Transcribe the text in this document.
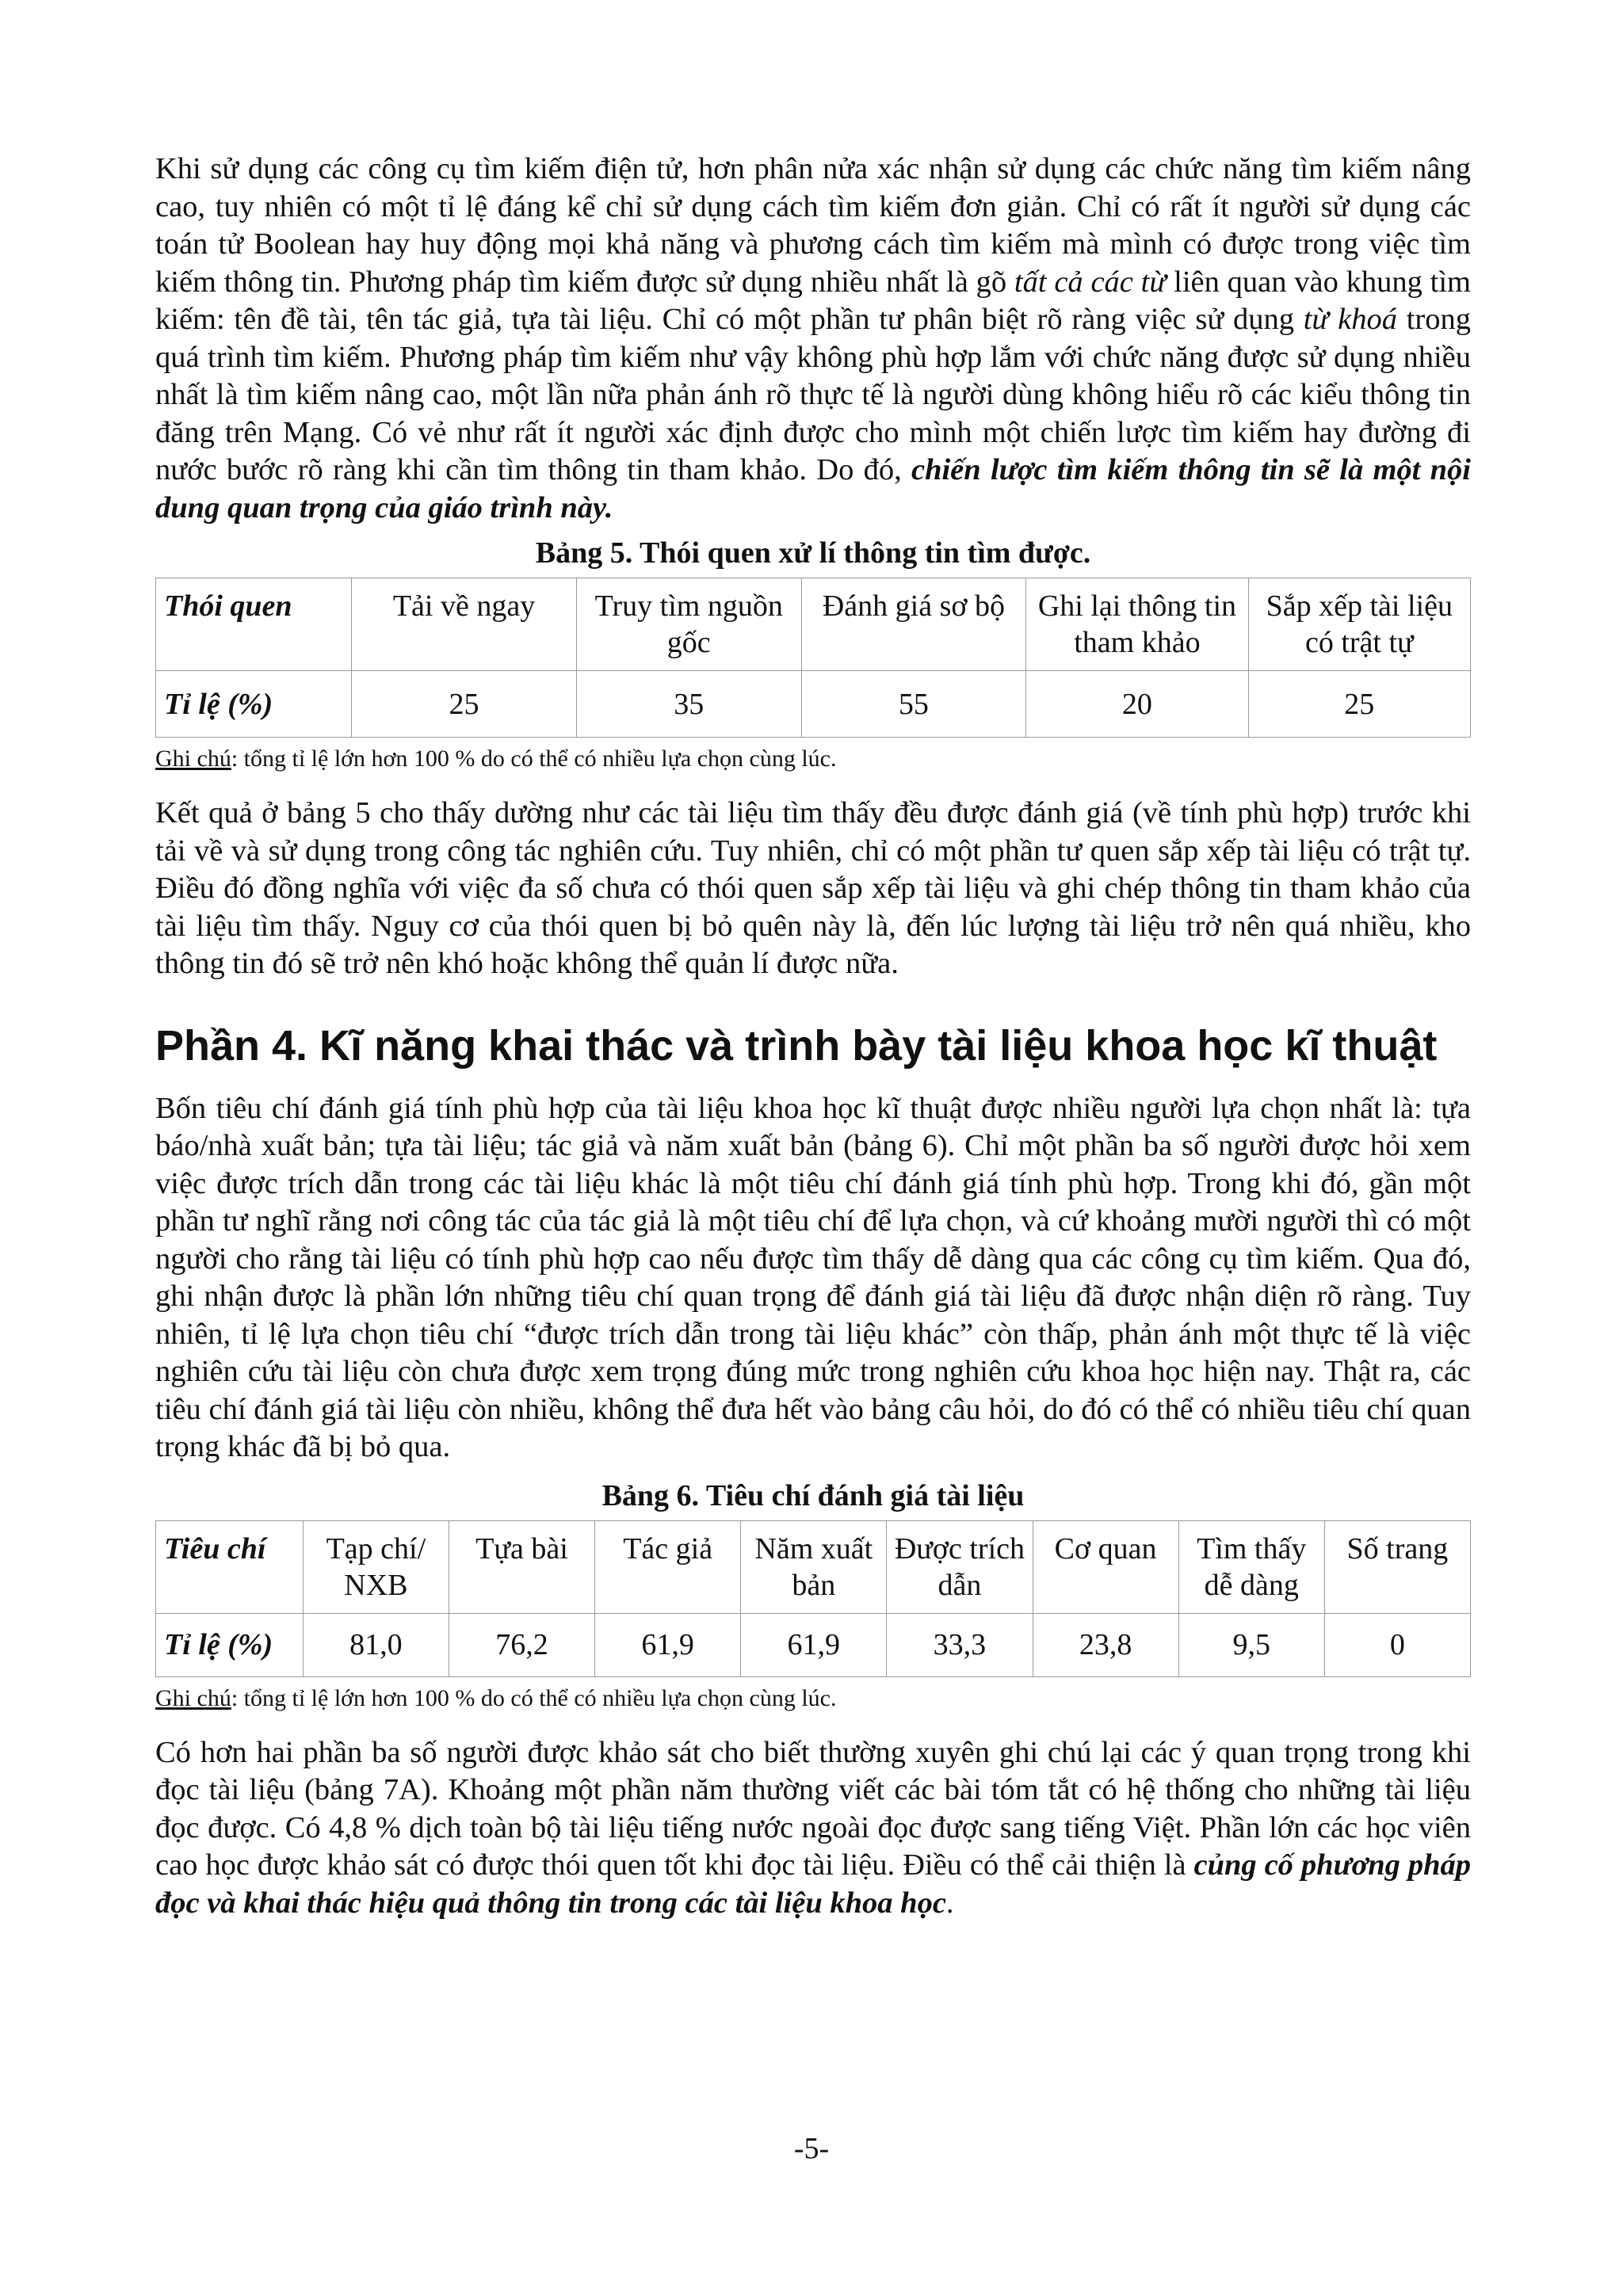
Khi sử dụng các công cụ tìm kiếm điện tử, hơn phân nửa xác nhận sử dụng các chức năng tìm kiếm nâng cao, tuy nhiên có một tỉ lệ đáng kể chỉ sử dụng cách tìm kiếm đơn giản. Chỉ có rất ít người sử dụng các toán tử Boolean hay huy động mọi khả năng và phương cách tìm kiếm mà mình có được trong việc tìm kiếm thông tin. Phương pháp tìm kiếm được sử dụng nhiều nhất là gõ tất cả các từ liên quan vào khung tìm kiếm: tên đề tài, tên tác giả, tựa tài liệu. Chỉ có một phần tư phân biệt rõ ràng việc sử dụng từ khoá trong quá trình tìm kiếm. Phương pháp tìm kiếm như vậy không phù hợp lắm với chức năng được sử dụng nhiều nhất là tìm kiếm nâng cao, một lần nữa phản ánh rõ thực tế là người dùng không hiểu rõ các kiểu thông tin đăng trên Mạng. Có vẻ như rất ít người xác định được cho mình một chiến lược tìm kiếm hay đường đi nước bước rõ ràng khi cần tìm thông tin tham khảo. Do đó, chiến lược tìm kiếm thông tin sẽ là một nội dung quan trọng của giáo trình này.

Bảng 5. Thói quen xử lí thông tin tìm được.
Thói quen	Tải về ngay	Truy tìm nguồn gốc	Đánh giá sơ bộ	Ghi lại thông tin tham khảo	Sắp xếp tài liệu có trật tự
Tỉ lệ (%)	25	35	55	20	25
Ghi chú: tổng tỉ lệ lớn hơn 100 % do có thể có nhiều lựa chọn cùng lúc.

Kết quả ở bảng 5 cho thấy dường như các tài liệu tìm thấy đều được đánh giá (về tính phù hợp) trước khi tải về và sử dụng trong công tác nghiên cứu. Tuy nhiên, chỉ có một phần tư quen sắp xếp tài liệu có trật tự. Điều đó đồng nghĩa với việc đa số chưa có thói quen sắp xếp tài liệu và ghi chép thông tin tham khảo của tài liệu tìm thấy. Nguy cơ của thói quen bị bỏ quên này là, đến lúc lượng tài liệu trở nên quá nhiều, kho thông tin đó sẽ trở nên khó hoặc không thể quản lí được nữa.

Phần 4. Kĩ năng khai thác và trình bày tài liệu khoa học kĩ thuật

Bốn tiêu chí đánh giá tính phù hợp của tài liệu khoa học kĩ thuật được nhiều người lựa chọn nhất là: tựa báo/nhà xuất bản; tựa tài liệu; tác giả và năm xuất bản (bảng 6). Chỉ một phần ba số người được hỏi xem việc được trích dẫn trong các tài liệu khác là một tiêu chí đánh giá tính phù hợp. Trong khi đó, gần một phần tư nghĩ rằng nơi công tác của tác giả là một tiêu chí để lựa chọn, và cứ khoảng mười người thì có một người cho rằng tài liệu có tính phù hợp cao nếu được tìm thấy dễ dàng qua các công cụ tìm kiếm. Qua đó, ghi nhận được là phần lớn những tiêu chí quan trọng để đánh giá tài liệu đã được nhận diện rõ ràng. Tuy nhiên, tỉ lệ lựa chọn tiêu chí “được trích dẫn trong tài liệu khác” còn thấp, phản ánh một thực tế là việc nghiên cứu tài liệu còn chưa được xem trọng đúng mức trong nghiên cứu khoa học hiện nay. Thật ra, các tiêu chí đánh giá tài liệu còn nhiều, không thể đưa hết vào bảng câu hỏi, do đó có thể có nhiều tiêu chí quan trọng khác đã bị bỏ qua.

Bảng 6. Tiêu chí đánh giá tài liệu
Tiêu chí	Tạp chí/ NXB	Tựa bài	Tác giả	Năm xuất bản	Được trích dẫn	Cơ quan	Tìm thấy dễ dàng	Số trang
Tỉ lệ (%)	81,0	76,2	61,9	61,9	33,3	23,8	9,5	0
Ghi chú: tổng tỉ lệ lớn hơn 100 % do có thể có nhiều lựa chọn cùng lúc.

Có hơn hai phần ba số người được khảo sát cho biết thường xuyên ghi chú lại các ý quan trọng trong khi đọc tài liệu (bảng 7A). Khoảng một phần năm thường viết các bài tóm tắt có hệ thống cho những tài liệu đọc được. Có 4,8 % dịch toàn bộ tài liệu tiếng nước ngoài đọc được sang tiếng Việt. Phần lớn các học viên cao học được khảo sát có được thói quen tốt khi đọc tài liệu. Điều có thể cải thiện là củng cố phương pháp đọc và khai thác hiệu quả thông tin trong các tài liệu khoa học.

-5-
